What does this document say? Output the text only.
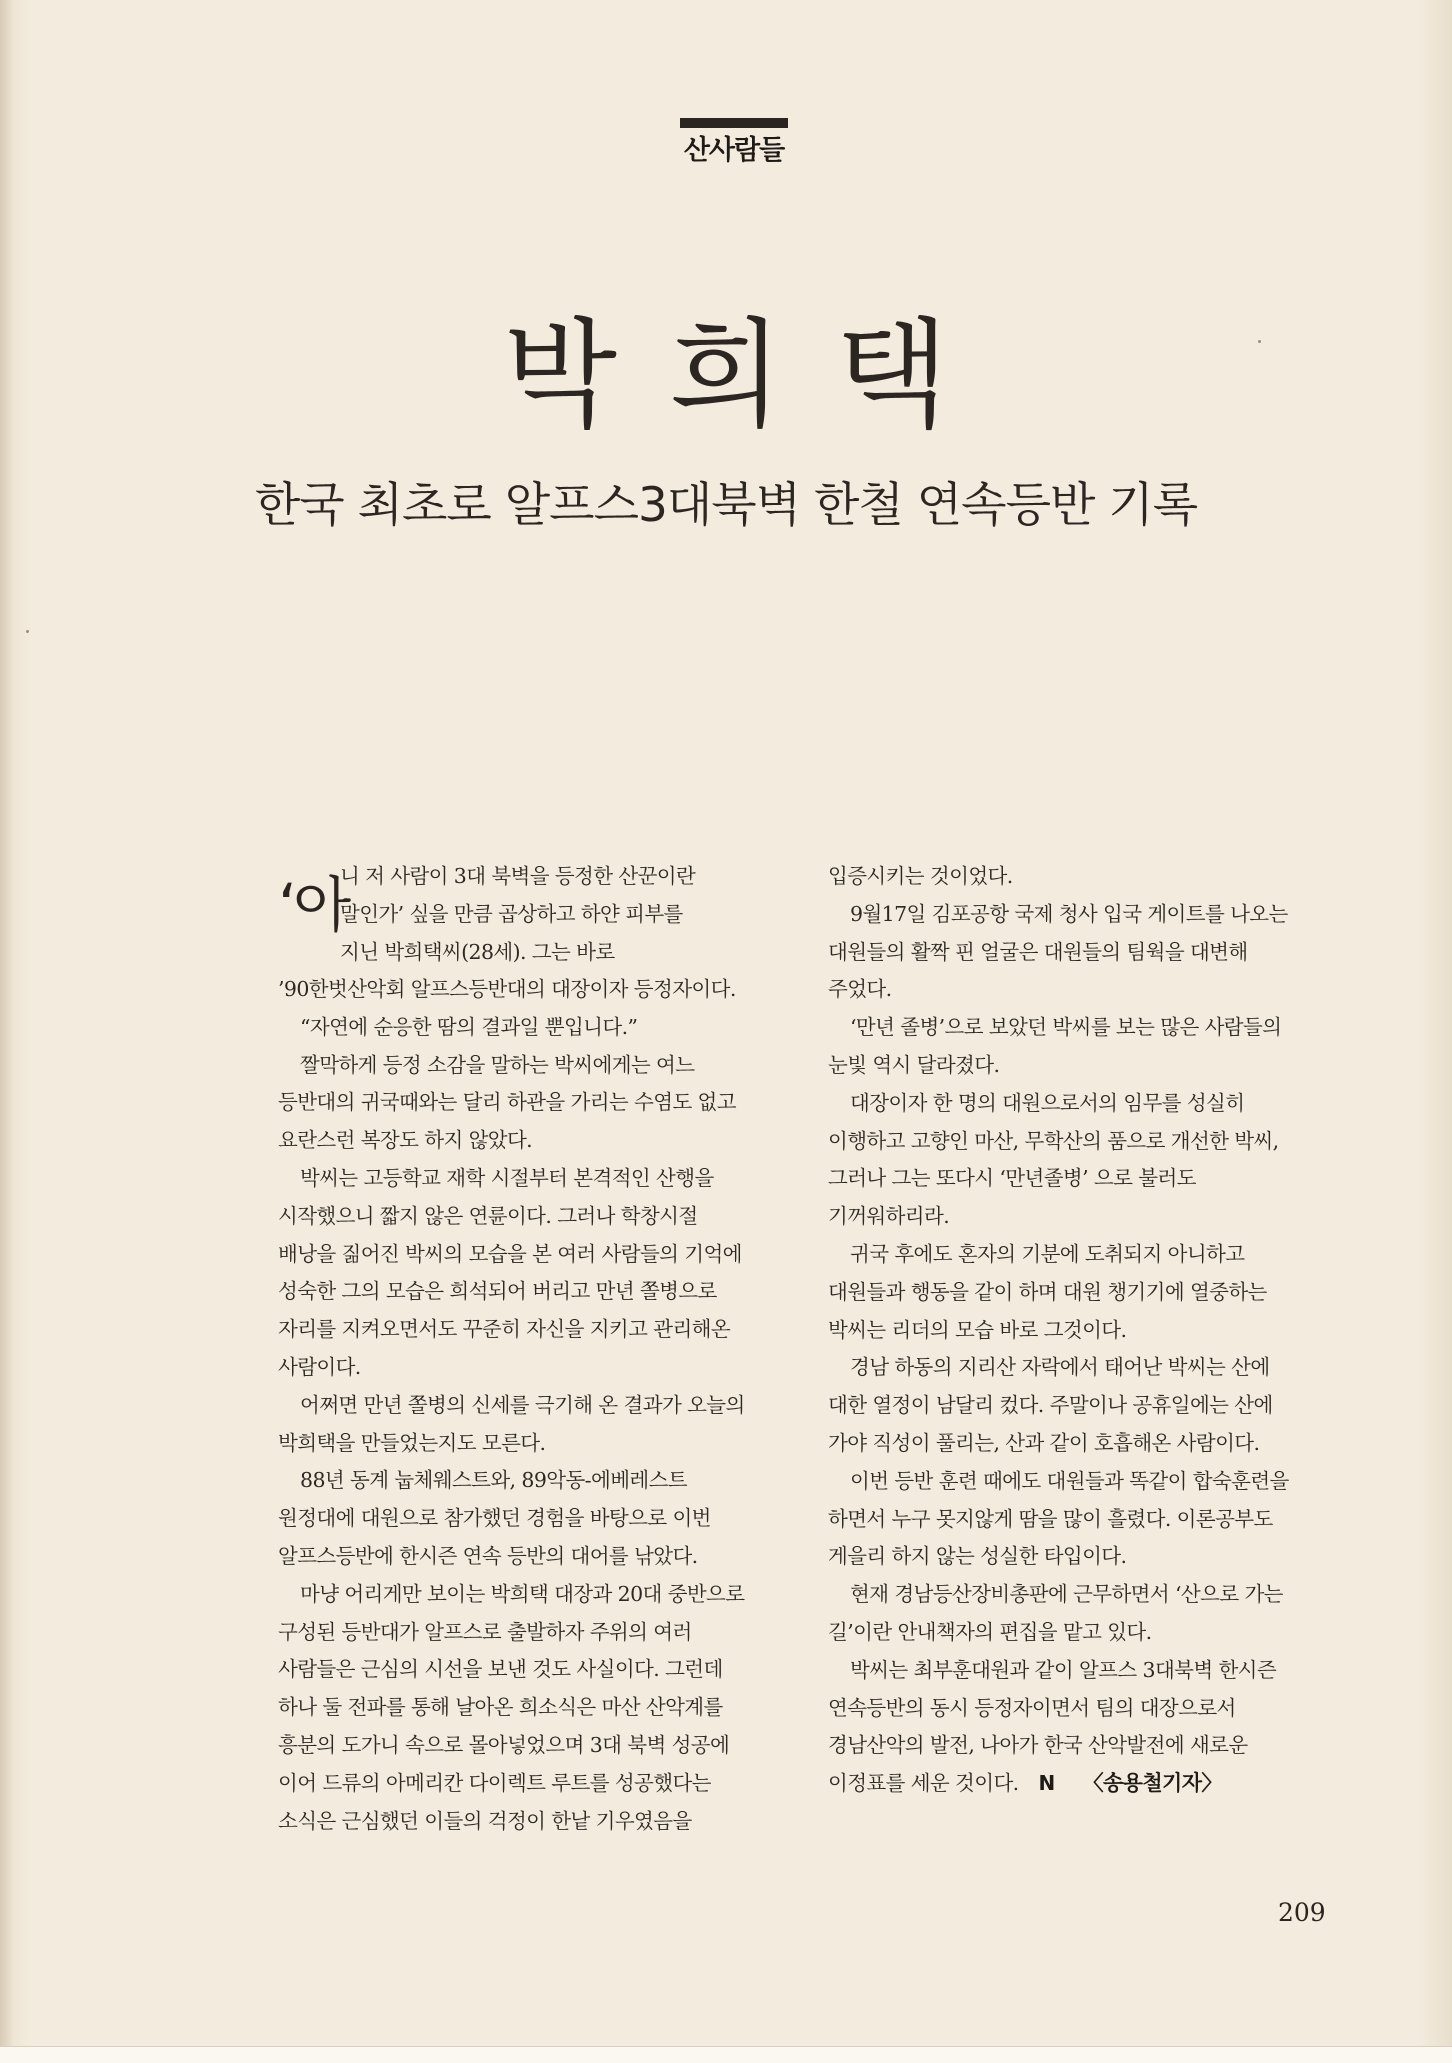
산사람들
박희택
한국 최초로 알프스3대북벽 한철 연속등반 기록
‘아
니 저 사람이 3대 북벽을 등정한 산꾼이란
말인가’ 싶을 만큼 곱상하고 하얀 피부를
지닌 박희택씨(28세). 그는 바로
’90한벗산악회 알프스등반대의 대장이자 등정자이다.
“자연에 순응한 땀의 결과일 뿐입니다.”
짤막하게 등정 소감을 말하는 박씨에게는 여느
등반대의 귀국때와는 달리 하관을 가리는 수염도 없고
요란스런 복장도 하지 않았다.
박씨는 고등학교 재학 시절부터 본격적인 산행을
시작했으니 짧지 않은 연륜이다. 그러나 학창시절
배낭을 짊어진 박씨의 모습을 본 여러 사람들의 기억에
성숙한 그의 모습은 희석되어 버리고 만년 쫄병으로
자리를 지켜오면서도 꾸준히 자신을 지키고 관리해온
사람이다.
어쩌면 만년 쫄병의 신세를 극기해 온 결과가 오늘의
박희택을 만들었는지도 모른다.
88년 동계 눕체웨스트와, 89악동-에베레스트
원정대에 대원으로 참가했던 경험을 바탕으로 이번
알프스등반에 한시즌 연속 등반의 대어를 낚았다.
마냥 어리게만 보이는 박희택 대장과 20대 중반으로
구성된 등반대가 알프스로 출발하자 주위의 여러
사람들은 근심의 시선을 보낸 것도 사실이다. 그런데
하나 둘 전파를 통해 날아온 희소식은 마산 산악계를
흥분의 도가니 속으로 몰아넣었으며 3대 북벽 성공에
이어 드류의 아메리칸 다이렉트 루트를 성공했다는
소식은 근심했던 이들의 걱정이 한낱 기우였음을
입증시키는 것이었다.
9월17일 김포공항 국제 청사 입국 게이트를 나오는
대원들의 활짝 핀 얼굴은 대원들의 팀웍을 대변해
주었다.
‘만년 졸병’으로 보았던 박씨를 보는 많은 사람들의
눈빛 역시 달라졌다.
대장이자 한 명의 대원으로서의 임무를 성실히
이행하고 고향인 마산, 무학산의 품으로 개선한 박씨,
그러나 그는 또다시 ‘만년졸병’ 으로 불러도
기꺼워하리라.
귀국 후에도 혼자의 기분에 도취되지 아니하고
대원들과 행동을 같이 하며 대원 챙기기에 열중하는
박씨는 리더의 모습 바로 그것이다.
경남 하동의 지리산 자락에서 태어난 박씨는 산에
대한 열정이 남달리 컸다. 주말이나 공휴일에는 산에
가야 직성이 풀리는, 산과 같이 호흡해온 사람이다.
이번 등반 훈련 때에도 대원들과 똑같이 합숙훈련을
하면서 누구 못지않게 땀을 많이 흘렸다. 이론공부도
게을리 하지 않는 성실한 타입이다.
현재 경남등산장비총판에 근무하면서 ‘산으로 가는
길’이란 안내책자의 편집을 맡고 있다.
박씨는 최부훈대원과 같이 알프스 3대북벽 한시즌
연속등반의 동시 등정자이면서 팀의 대장으로서
경남산악의 발전, 나아가 한국 산악발전에 새로운
이정표를 세운 것이다. N 〈송용철기자〉
209
